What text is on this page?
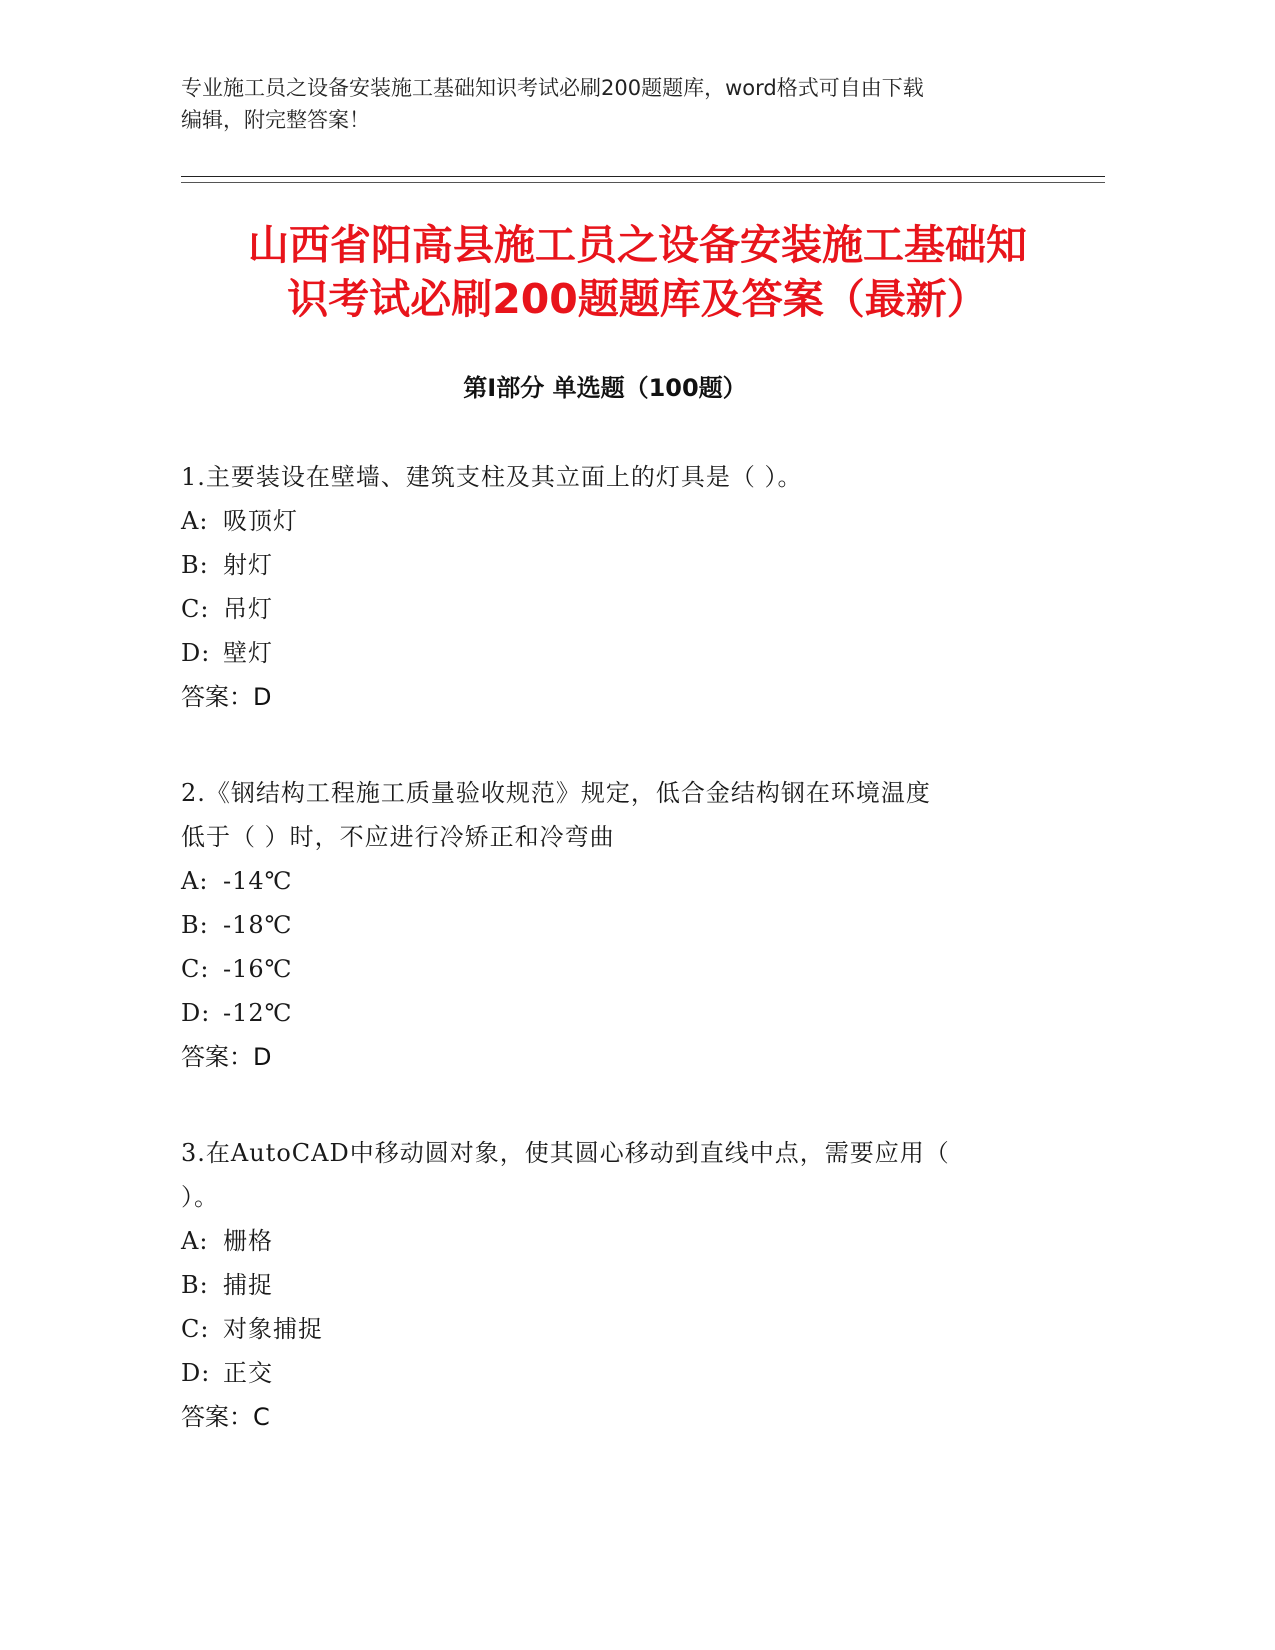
专业施工员之设备安装施工基础知识考试必刷200题题库，word格式可自由下载
编辑，附完整答案！
山西省阳高县施工员之设备安装施工基础知
识考试必刷200题题库及答案（最新）
第Ⅰ部分 单选题（100题）
1.主要装设在壁墙、建筑支柱及其立面上的灯具是（ ）。
A: 吸顶灯
B: 射灯
C: 吊灯
D: 壁灯
答案：D
2.《钢结构工程施工质量验收规范》规定，低合金结构钢在环境温度
低于（ ）时，不应进行冷矫正和冷弯曲
A: -14℃
B: -18℃
C: -16℃
D: -12℃
答案：D
3.在AutoCAD中移动圆对象，使其圆心移动到直线中点，需要应用（
）。
A: 栅格
B: 捕捉
C: 对象捕捉
D: 正交
答案：C
